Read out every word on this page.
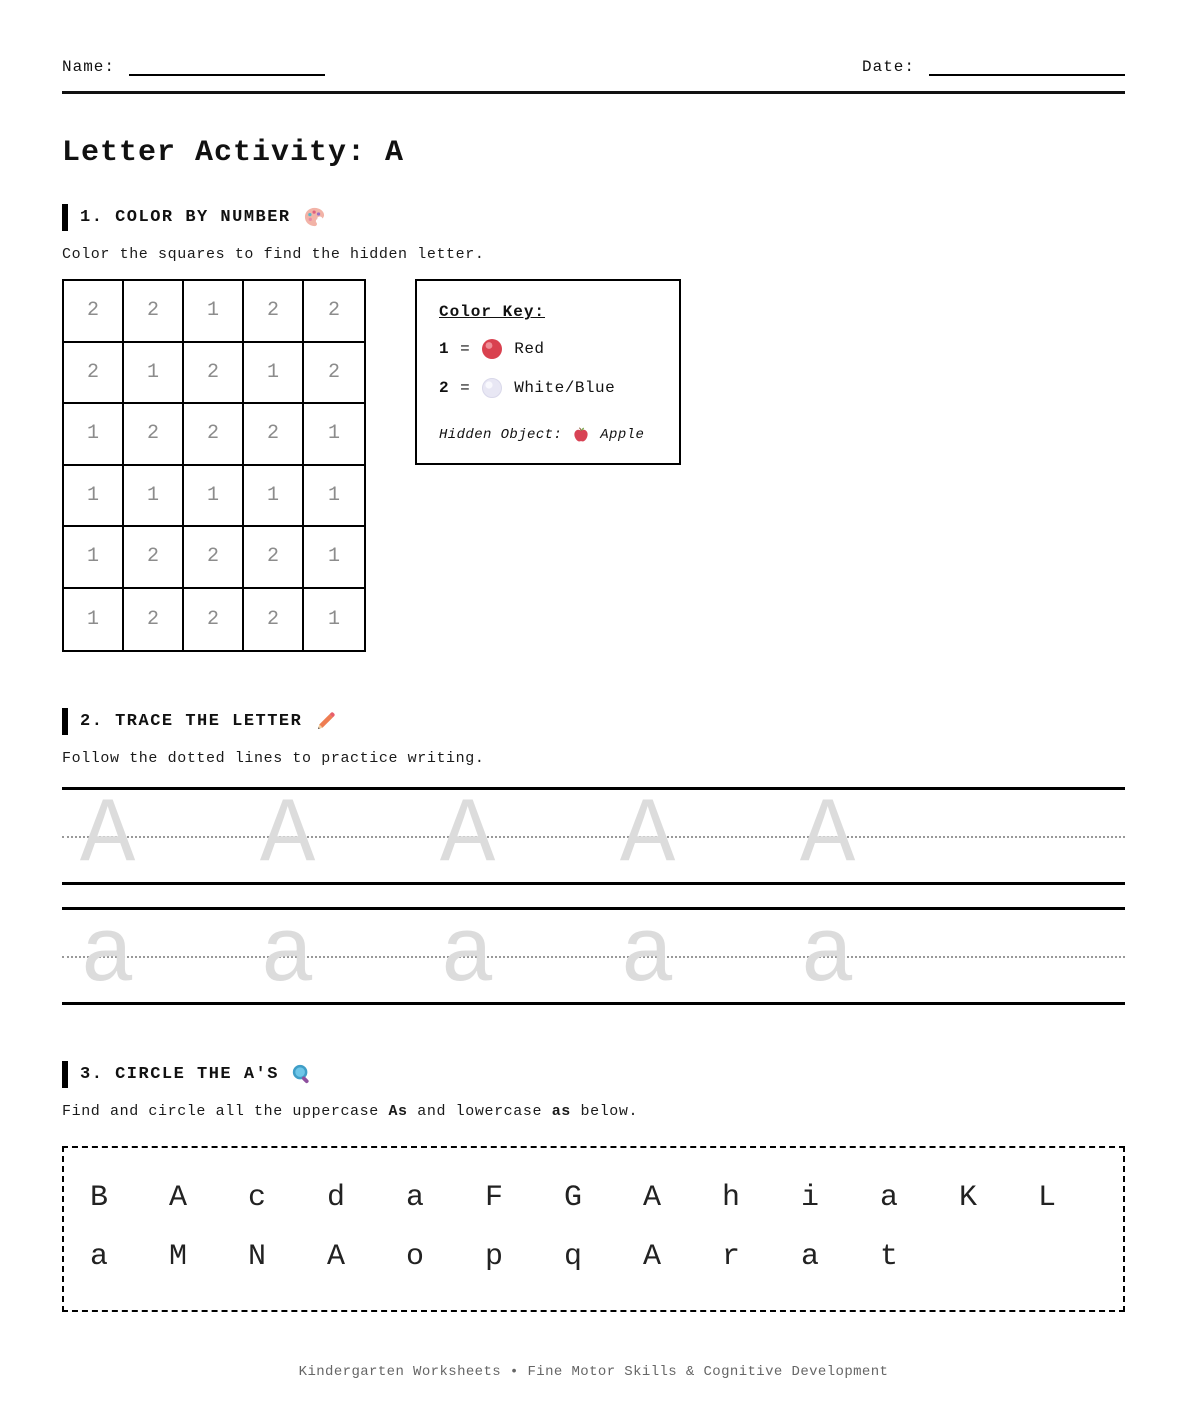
Name:	Date:
Letter Activity: A
1. COLOR BY NUMBER

Color the squares to find the hidden letter.

2	2	1	2	2
2	1	2	1	2
1	2	2	2	1
1	1	1	1	1
1	2	2	2	1
1	2	2	2	1
Color Key:
1 =	Red
2 =	White/Blue
Hidden Object:	Apple
2. TRACE THE LETTER

Follow the dotted lines to practice writing.

A A A A A
a a a a a
3. CIRCLE THE A'S

Find and circle all the uppercase As and lowercase as below.

B	A	c	d	a	F	G	A	h	i	a	K	L
a	M	N	A	o	p	q	A	r	a	t
Kindergarten Worksheets • Fine Motor Skills & Cognitive Development
